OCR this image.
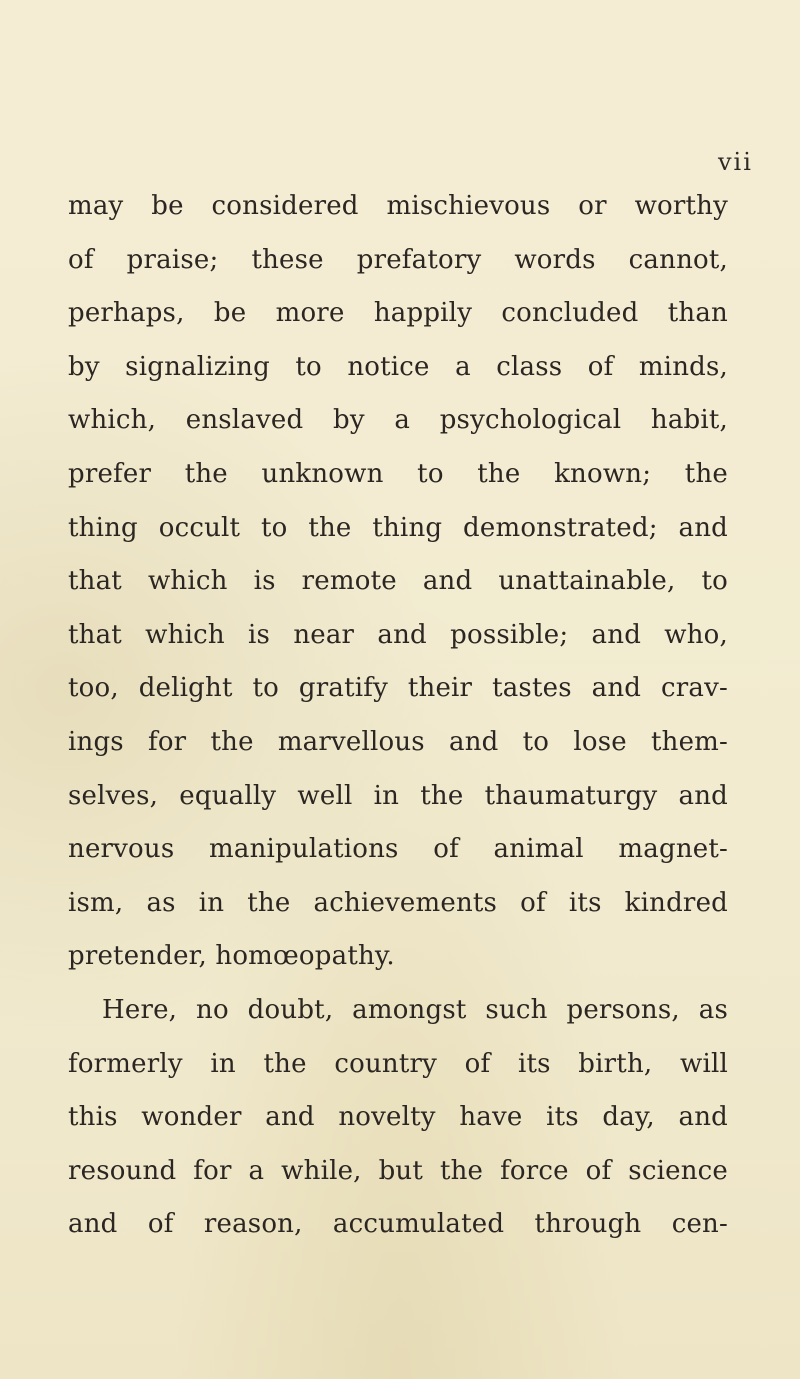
vii
may be considered mischievous or worthy
of praise; these prefatory words cannot,
perhaps, be more happily concluded than
by signalizing to notice a class of minds,
which, enslaved by a psychological habit,
prefer the unknown to the known; the
thing occult to the thing demonstrated; and
that which is remote and unattainable, to
that which is near and possible; and who,
too, delight to gratify their tastes and crav-
ings for the marvellous and to lose them-
selves, equally well in the thaumaturgy and
nervous manipulations of animal magnet-
ism, as in the achievements of its kindred
pretender, homœopathy.
Here, no doubt, amongst such persons, as
formerly in the country of its birth, will
this wonder and novelty have its day, and
resound for a while, but the force of science
and of reason, accumulated through cen-
